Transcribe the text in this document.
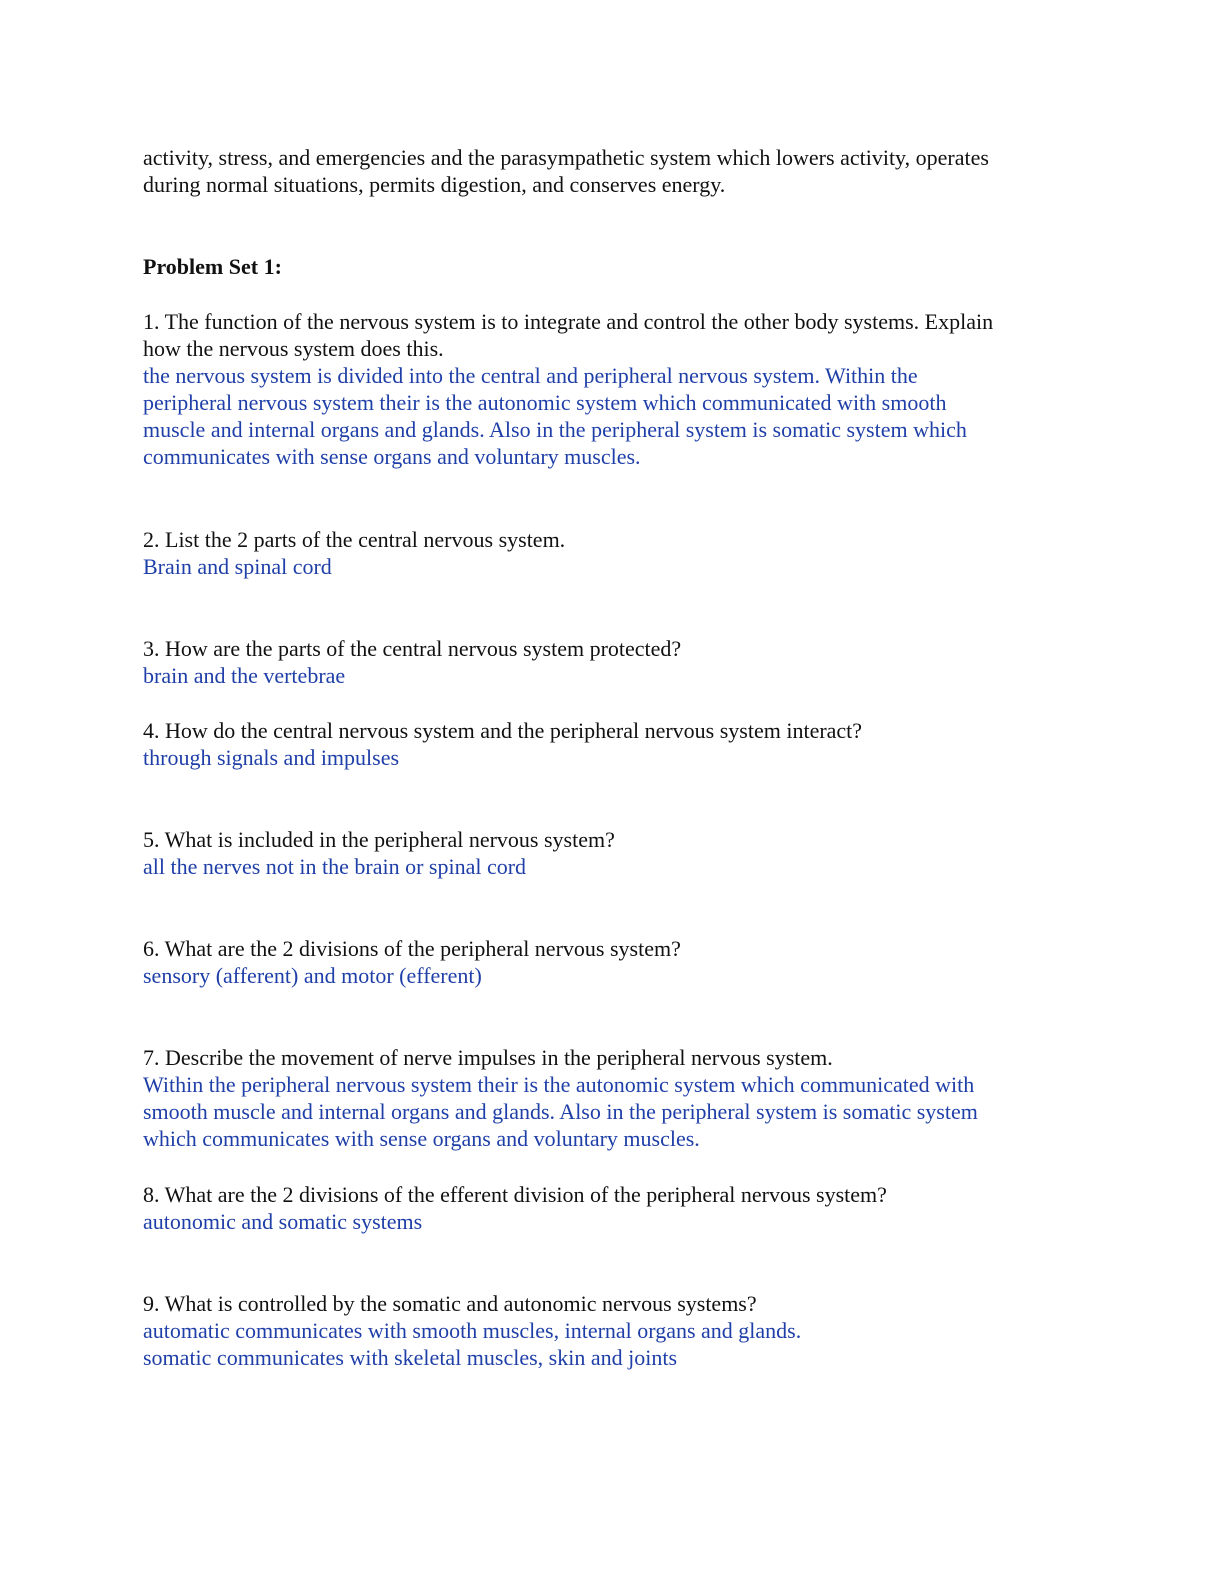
activity, stress, and emergencies and the parasympathetic system which lowers activity, operates
during normal situations, permits digestion, and conserves energy.
Problem Set 1:
1. The function of the nervous system is to integrate and control the other body systems. Explain
how the nervous system does this.
the nervous system is divided into the central and peripheral nervous system. Within the
peripheral nervous system their is the autonomic system which communicated with smooth
muscle and internal organs and glands. Also in the peripheral system is somatic system which
communicates with sense organs and voluntary muscles.
2. List the 2 parts of the central nervous system.
Brain and spinal cord
3. How are the parts of the central nervous system protected?
brain and the vertebrae
4. How do the central nervous system and the peripheral nervous system interact?
through signals and impulses
5. What is included in the peripheral nervous system?
all the nerves not in the brain or spinal cord
6. What are the 2 divisions of the peripheral nervous system?
sensory (afferent) and motor (efferent)
7. Describe the movement of nerve impulses in the peripheral nervous system.
Within the peripheral nervous system their is the autonomic system which communicated with
smooth muscle and internal organs and glands. Also in the peripheral system is somatic system
which communicates with sense organs and voluntary muscles.
8. What are the 2 divisions of the efferent division of the peripheral nervous system?
autonomic and somatic systems
9. What is controlled by the somatic and autonomic nervous systems?
automatic communicates with smooth muscles, internal organs and glands.
somatic communicates with skeletal muscles, skin and joints
